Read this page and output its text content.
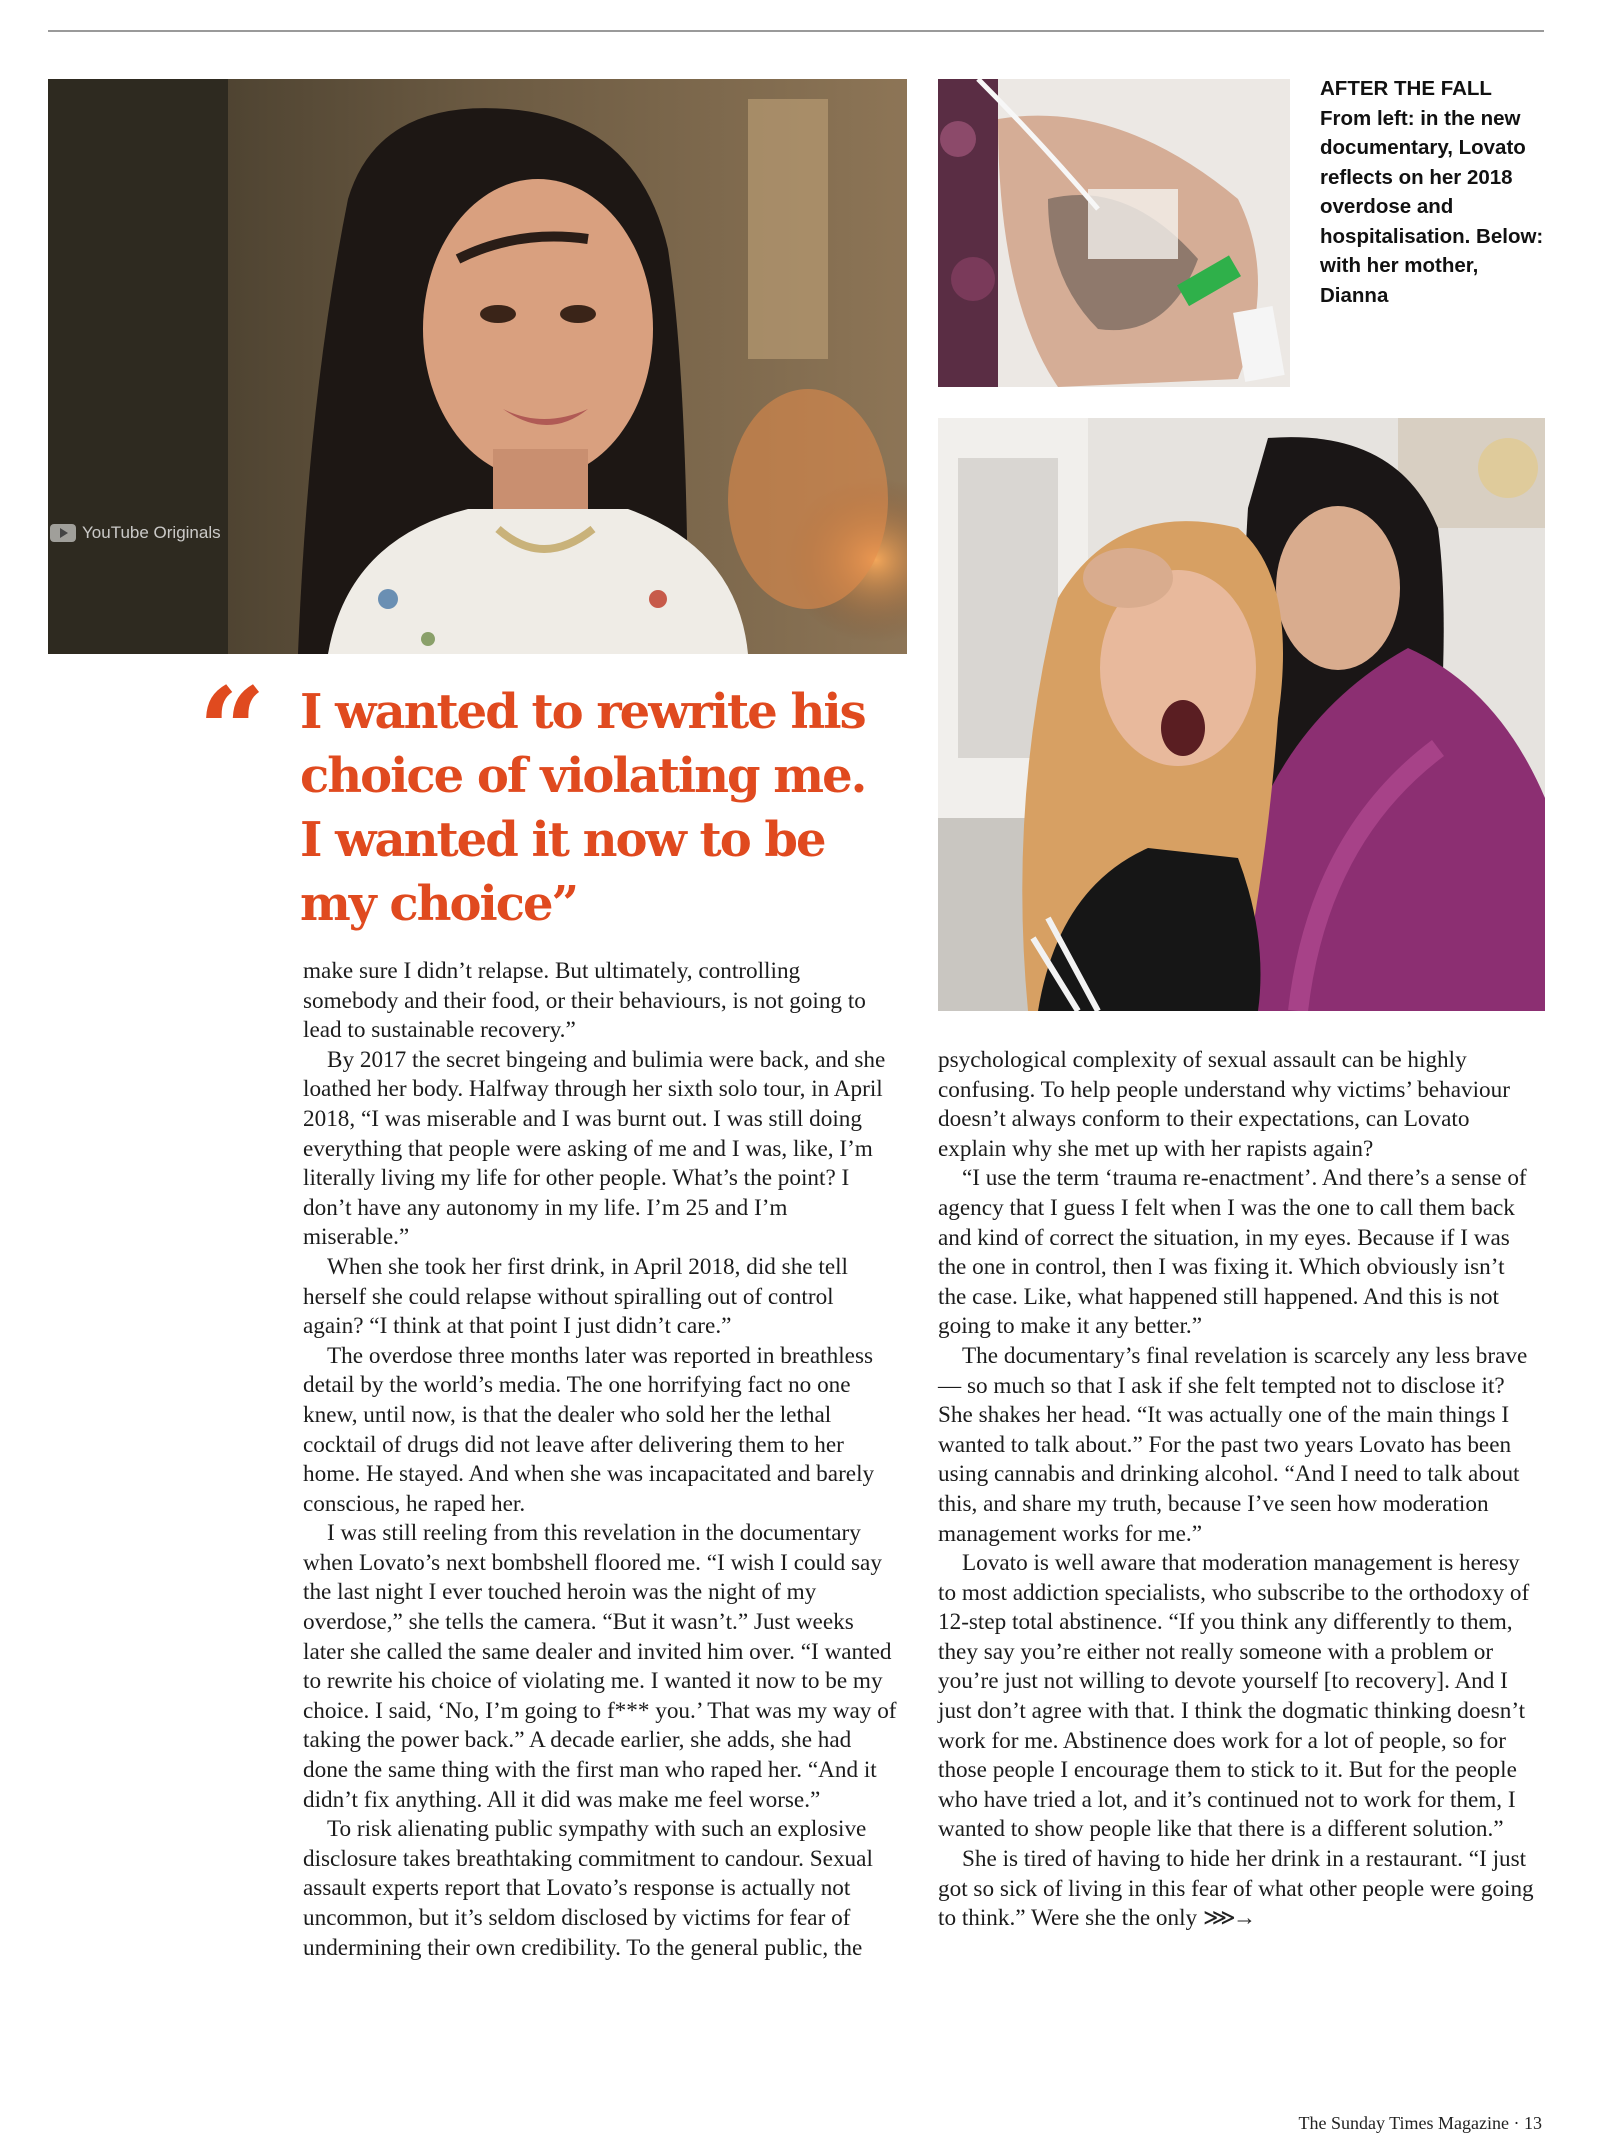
YouTube Originals
AFTER THE FALL
From left: in the new documentary, Lovato reflects on her 2018 overdose and hospitalisation. Below: with her mother, Dianna
“ I wanted to rewrite his choice of violating me. I wanted it now to be my choice”

make sure I didn’t relapse. But ultimately, controlling somebody and their food, or their behaviours, is not going to lead to sustainable recovery.”

By 2017 the secret bingeing and bulimia were back, and she loathed her body. Halfway through her sixth solo tour, in April 2018, “I was miserable and I was burnt out. I was still doing everything that people were asking of me and I was, like, I’m literally living my life for other people. What’s the point? I don’t have any autonomy in my life. I’m 25 and I’m miserable.”

When she took her first drink, in April 2018, did she tell herself she could relapse without spiralling out of control again? “I think at that point I just didn’t care.”

The overdose three months later was reported in breathless detail by the world’s media. The one horrifying fact no one knew, until now, is that the dealer who sold her the lethal cocktail of drugs did not leave after delivering them to her home. He stayed. And when she was incapacitated and barely conscious, he raped her.

I was still reeling from this revelation in the documentary when Lovato’s next bombshell floored me. “I wish I could say the last night I ever touched heroin was the night of my overdose,” she tells the camera. “But it wasn’t.” Just weeks later she called the same dealer and invited him over. “I wanted to rewrite his choice of violating me. I wanted it now to be my choice. I said, ‘No, I’m going to f*** you.’ That was my way of taking the power back.” A decade earlier, she adds, she had done the same thing with the first man who raped her. “And it didn’t fix anything. All it did was make me feel worse.”

To risk alienating public sympathy with such an explosive disclosure takes breathtaking commitment to candour. Sexual assault experts report that Lovato’s response is actually not uncommon, but it’s seldom disclosed by victims for fear of undermining their own credibility. To the general public, the

psychological complexity of sexual assault can be highly confusing. To help people understand why victims’ behaviour doesn’t always conform to their expectations, can Lovato explain why she met up with her rapists again?

“I use the term ‘trauma re-enactment’. And there’s a sense of agency that I guess I felt when I was the one to call them back and kind of correct the situation, in my eyes. Because if I was the one in control, then I was fixing it. Which obviously isn’t the case. Like, what happened still happened. And this is not going to make it any better.”

The documentary’s final revelation is scarcely any less brave — so much so that I ask if she felt tempted not to disclose it? She shakes her head. “It was actually one of the main things I wanted to talk about.” For the past two years Lovato has been using cannabis and drinking alcohol. “And I need to talk about this, and share my truth, because I’ve seen how moderation management works for me.”

Lovato is well aware that moderation management is heresy to most addiction specialists, who subscribe to the orthodoxy of 12-step total abstinence. “If you think any differently to them, they say you’re either not really someone with a problem or you’re just not willing to devote yourself [to recovery]. And I just don’t agree with that. I think the dogmatic thinking doesn’t work for me. Abstinence does work for a lot of people, so for those people I encourage them to stick to it. But for the people who have tried a lot, and it’s continued not to work for them, I wanted to show people like that there is a different solution.”

She is tired of having to hide her drink in a restaurant. “I just got so sick of living in this fear of what other people were going to think.” Were she the only ⋙→

The Sunday Times Magazine · 13
